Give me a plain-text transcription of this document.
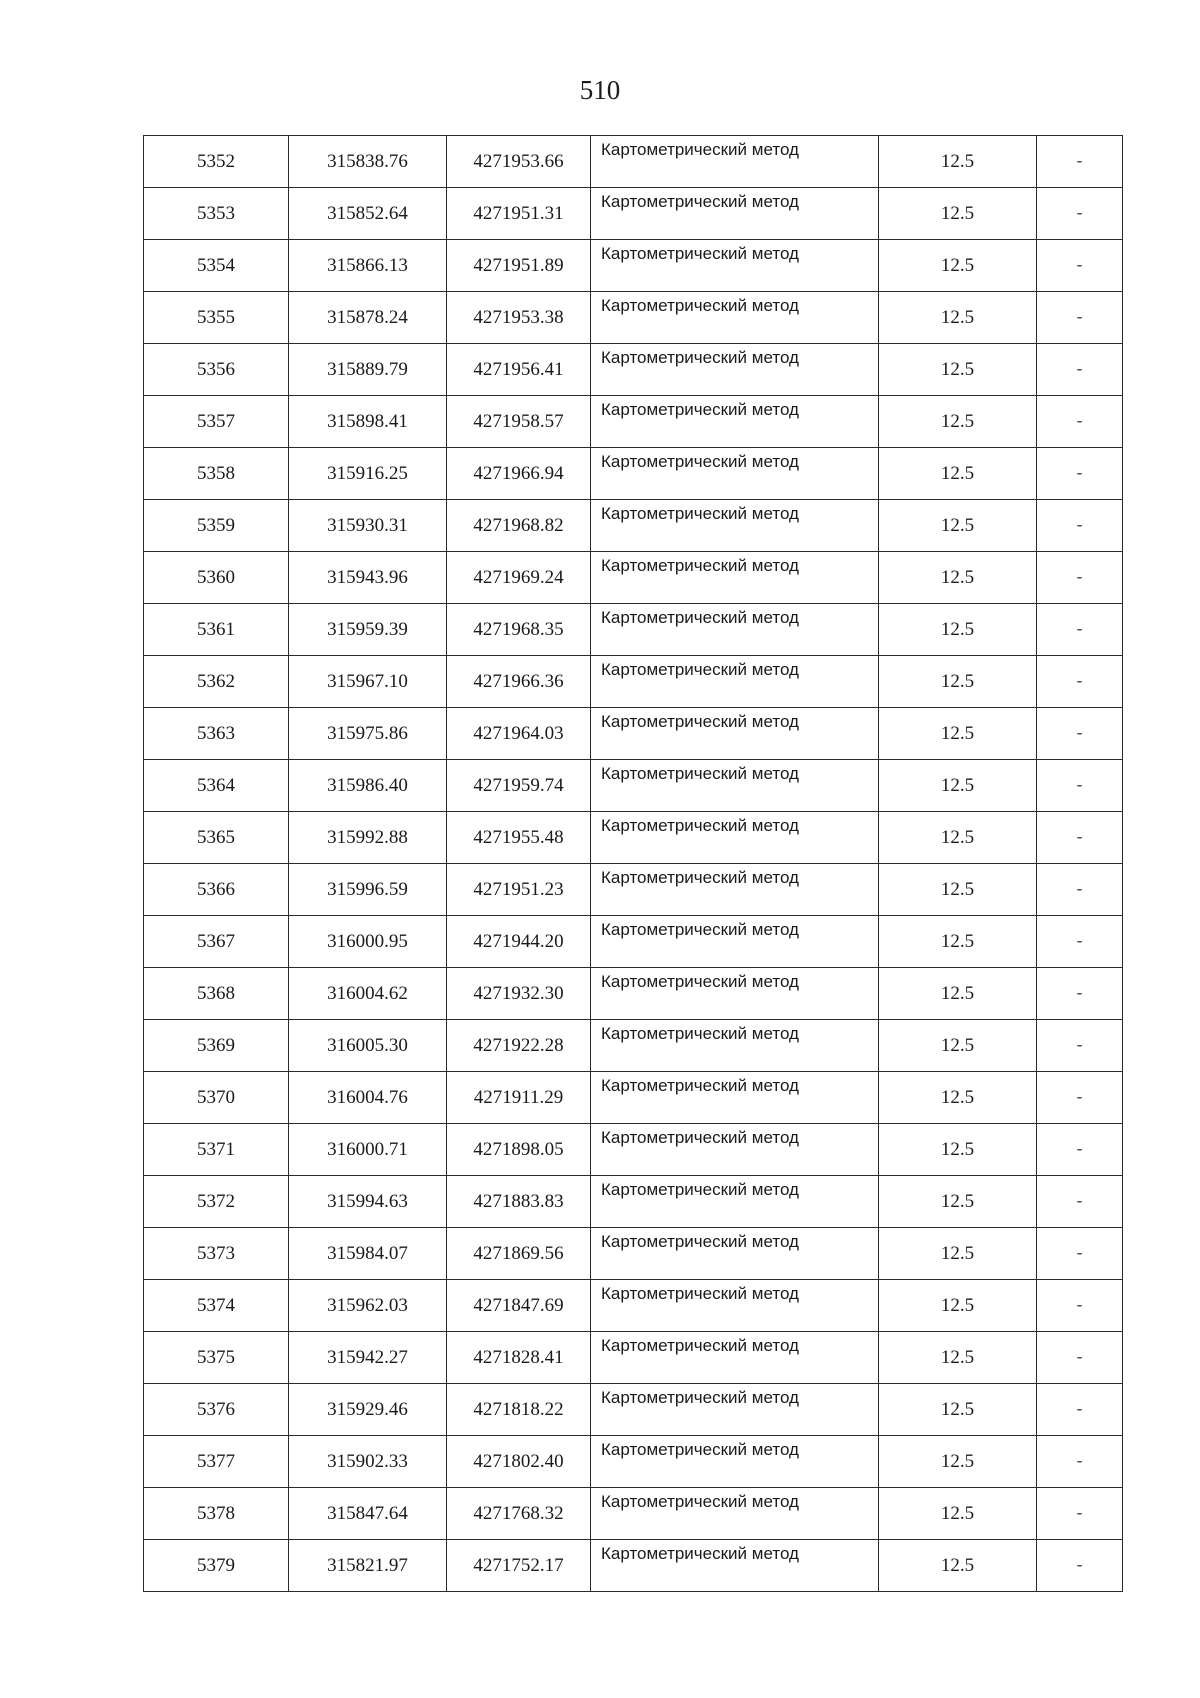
510
5352	315838.76	4271953.66	Картометрический метод	12.5	-
5353	315852.64	4271951.31	Картометрический метод	12.5	-
5354	315866.13	4271951.89	Картометрический метод	12.5	-
5355	315878.24	4271953.38	Картометрический метод	12.5	-
5356	315889.79	4271956.41	Картометрический метод	12.5	-
5357	315898.41	4271958.57	Картометрический метод	12.5	-
5358	315916.25	4271966.94	Картометрический метод	12.5	-
5359	315930.31	4271968.82	Картометрический метод	12.5	-
5360	315943.96	4271969.24	Картометрический метод	12.5	-
5361	315959.39	4271968.35	Картометрический метод	12.5	-
5362	315967.10	4271966.36	Картометрический метод	12.5	-
5363	315975.86	4271964.03	Картометрический метод	12.5	-
5364	315986.40	4271959.74	Картометрический метод	12.5	-
5365	315992.88	4271955.48	Картометрический метод	12.5	-
5366	315996.59	4271951.23	Картометрический метод	12.5	-
5367	316000.95	4271944.20	Картометрический метод	12.5	-
5368	316004.62	4271932.30	Картометрический метод	12.5	-
5369	316005.30	4271922.28	Картометрический метод	12.5	-
5370	316004.76	4271911.29	Картометрический метод	12.5	-
5371	316000.71	4271898.05	Картометрический метод	12.5	-
5372	315994.63	4271883.83	Картометрический метод	12.5	-
5373	315984.07	4271869.56	Картометрический метод	12.5	-
5374	315962.03	4271847.69	Картометрический метод	12.5	-
5375	315942.27	4271828.41	Картометрический метод	12.5	-
5376	315929.46	4271818.22	Картометрический метод	12.5	-
5377	315902.33	4271802.40	Картометрический метод	12.5	-
5378	315847.64	4271768.32	Картометрический метод	12.5	-
5379	315821.97	4271752.17	Картометрический метод	12.5	-
